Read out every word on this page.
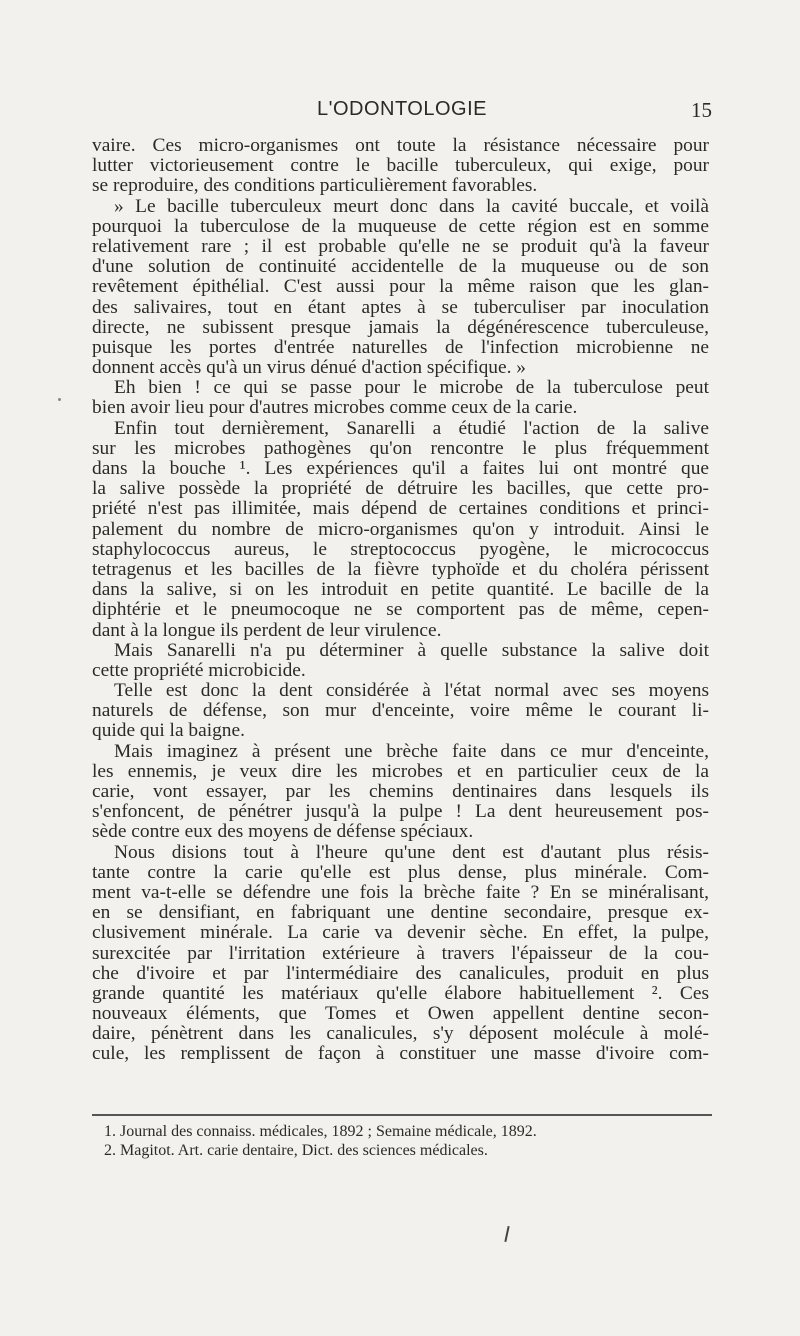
L'ODONTOLOGIE	15
vaire. Ces micro-organismes ont toute la résistance nécessaire pour
lutter victorieusement contre le bacille tuberculeux, qui exige, pour
se reproduire, des conditions particulièrement favorables.
» Le bacille tuberculeux meurt donc dans la cavité buccale, et voilà
pourquoi la tuberculose de la muqueuse de cette région est en somme
relativement rare ; il est probable qu'elle ne se produit qu'à la faveur
d'une solution de continuité accidentelle de la muqueuse ou de son
revêtement épithélial. C'est aussi pour la même raison que les glan-
des salivaires, tout en étant aptes à se tuberculiser par inoculation
directe, ne subissent presque jamais la dégénérescence tuberculeuse,
puisque les portes d'entrée naturelles de l'infection microbienne ne
donnent accès qu'à un virus dénué d'action spécifique. »
Eh bien ! ce qui se passe pour le microbe de la tuberculose peut
bien avoir lieu pour d'autres microbes comme ceux de la carie.
Enfin tout dernièrement, Sanarelli a étudié l'action de la salive
sur les microbes pathogènes qu'on rencontre le plus fréquemment
dans la bouche ¹. Les expériences qu'il a faites lui ont montré que
la salive possède la propriété de détruire les bacilles, que cette pro-
priété n'est pas illimitée, mais dépend de certaines conditions et princi-
palement du nombre de micro-organismes qu'on y introduit. Ainsi le
staphylococcus aureus, le streptococcus pyogène, le micrococcus
tetragenus et les bacilles de la fièvre typhoïde et du choléra périssent
dans la salive, si on les introduit en petite quantité. Le bacille de la
diphtérie et le pneumocoque ne se comportent pas de même, cepen-
dant à la longue ils perdent de leur virulence.
Mais Sanarelli n'a pu déterminer à quelle substance la salive doit
cette propriété microbicide.
Telle est donc la dent considérée à l'état normal avec ses moyens
naturels de défense, son mur d'enceinte, voire même le courant li-
quide qui la baigne.
Mais imaginez à présent une brèche faite dans ce mur d'enceinte,
les ennemis, je veux dire les microbes et en particulier ceux de la
carie, vont essayer, par les chemins dentinaires dans lesquels ils
s'enfoncent, de pénétrer jusqu'à la pulpe ! La dent heureusement pos-
sède contre eux des moyens de défense spéciaux.
Nous disions tout à l'heure qu'une dent est d'autant plus résis-
tante contre la carie qu'elle est plus dense, plus minérale. Com-
ment va-t-elle se défendre une fois la brèche faite ? En se minéralisant,
en se densifiant, en fabriquant une dentine secondaire, presque ex-
clusivement minérale. La carie va devenir sèche. En effet, la pulpe,
surexcitée par l'irritation extérieure à travers l'épaisseur de la cou-
che d'ivoire et par l'intermédiaire des canalicules, produit en plus
grande quantité les matériaux qu'elle élabore habituellement ². Ces
nouveaux éléments, que Tomes et Owen appellent dentine secon-
daire, pénètrent dans les canalicules, s'y déposent molécule à molé-
cule, les remplissent de façon à constituer une masse d'ivoire com-
1. Journal des connaiss. médicales, 1892 ; Semaine médicale, 1892.
2. Magitot. Art. carie dentaire, Dict. des sciences médicales.
